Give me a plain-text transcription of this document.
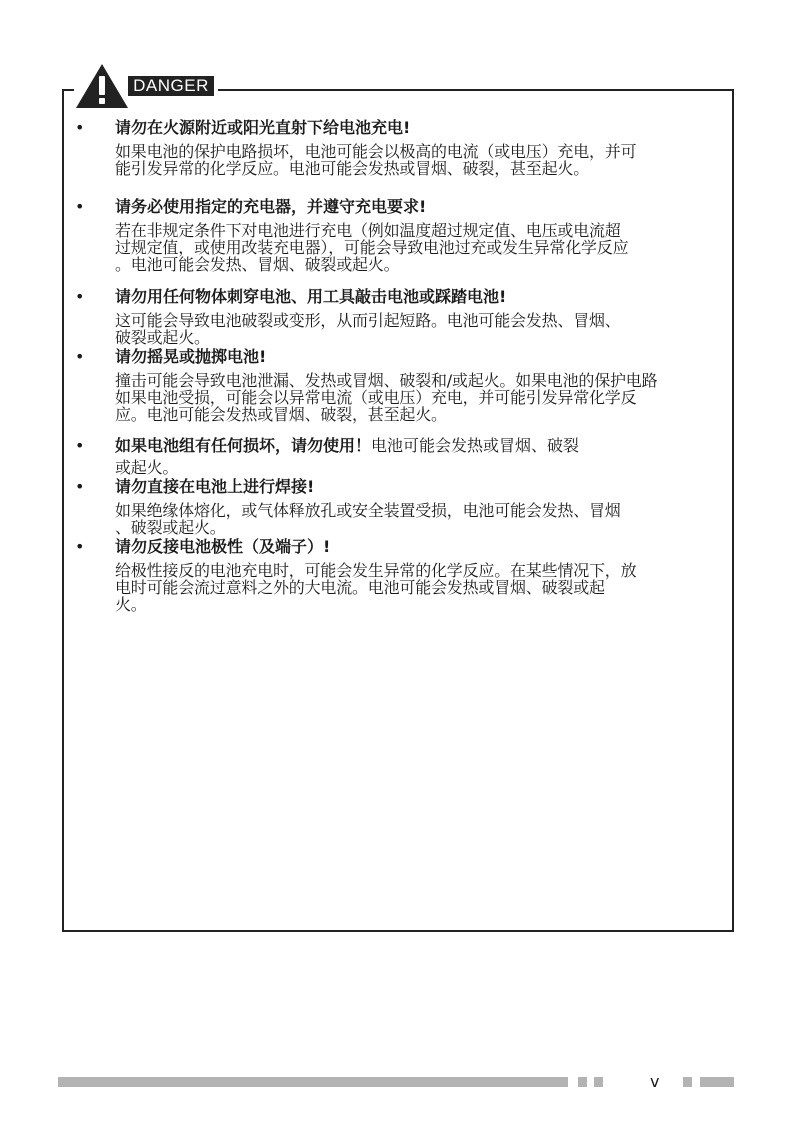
DANGER
• 请勿在火源附近或阳光直射下给电池充电!

如果电池的保护电路损坏，电池可能会以极高的电流（或电压）充电，并可
能引发异常的化学反应。电池可能会发热或冒烟、破裂，甚至起火。

• 请务必使用指定的充电器，并遵守充电要求!

若在非规定条件下对电池进行充电（例如温度超过规定值、电压或电流超
过规定值，或使用改装充电器），可能会导致电池过充或发生异常化学反应
。电池可能会发热、冒烟、破裂或起火。

• 请勿用任何物体刺穿电池、用工具敲击电池或踩踏电池!

这可能会导致电池破裂或变形，从而引起短路。电池可能会发热、冒烟、
破裂或起火。

• 请勿摇晃或抛掷电池!

撞击可能会导致电池泄漏、发热或冒烟、破裂和/或起火。如果电池的保护电路
如果电池受损，可能会以异常电流（或电压）充电，并可能引发异常化学反
应。电池可能会发热或冒烟、破裂，甚至起火。

• 如果电池组有任何损坏，请勿使用！电池可能会发热或冒烟、破裂

或起火。

• 请勿直接在电池上进行焊接!

如果绝缘体熔化，或气体释放孔或安全装置受损，电池可能会发热、冒烟
、破裂或起火。

• 请勿反接电池极性（及端子）!

给极性接反的电池充电时，可能会发生异常的化学反应。在某些情况下，放
电时可能会流过意料之外的大电流。电池可能会发热或冒烟、破裂或起
火。

v
